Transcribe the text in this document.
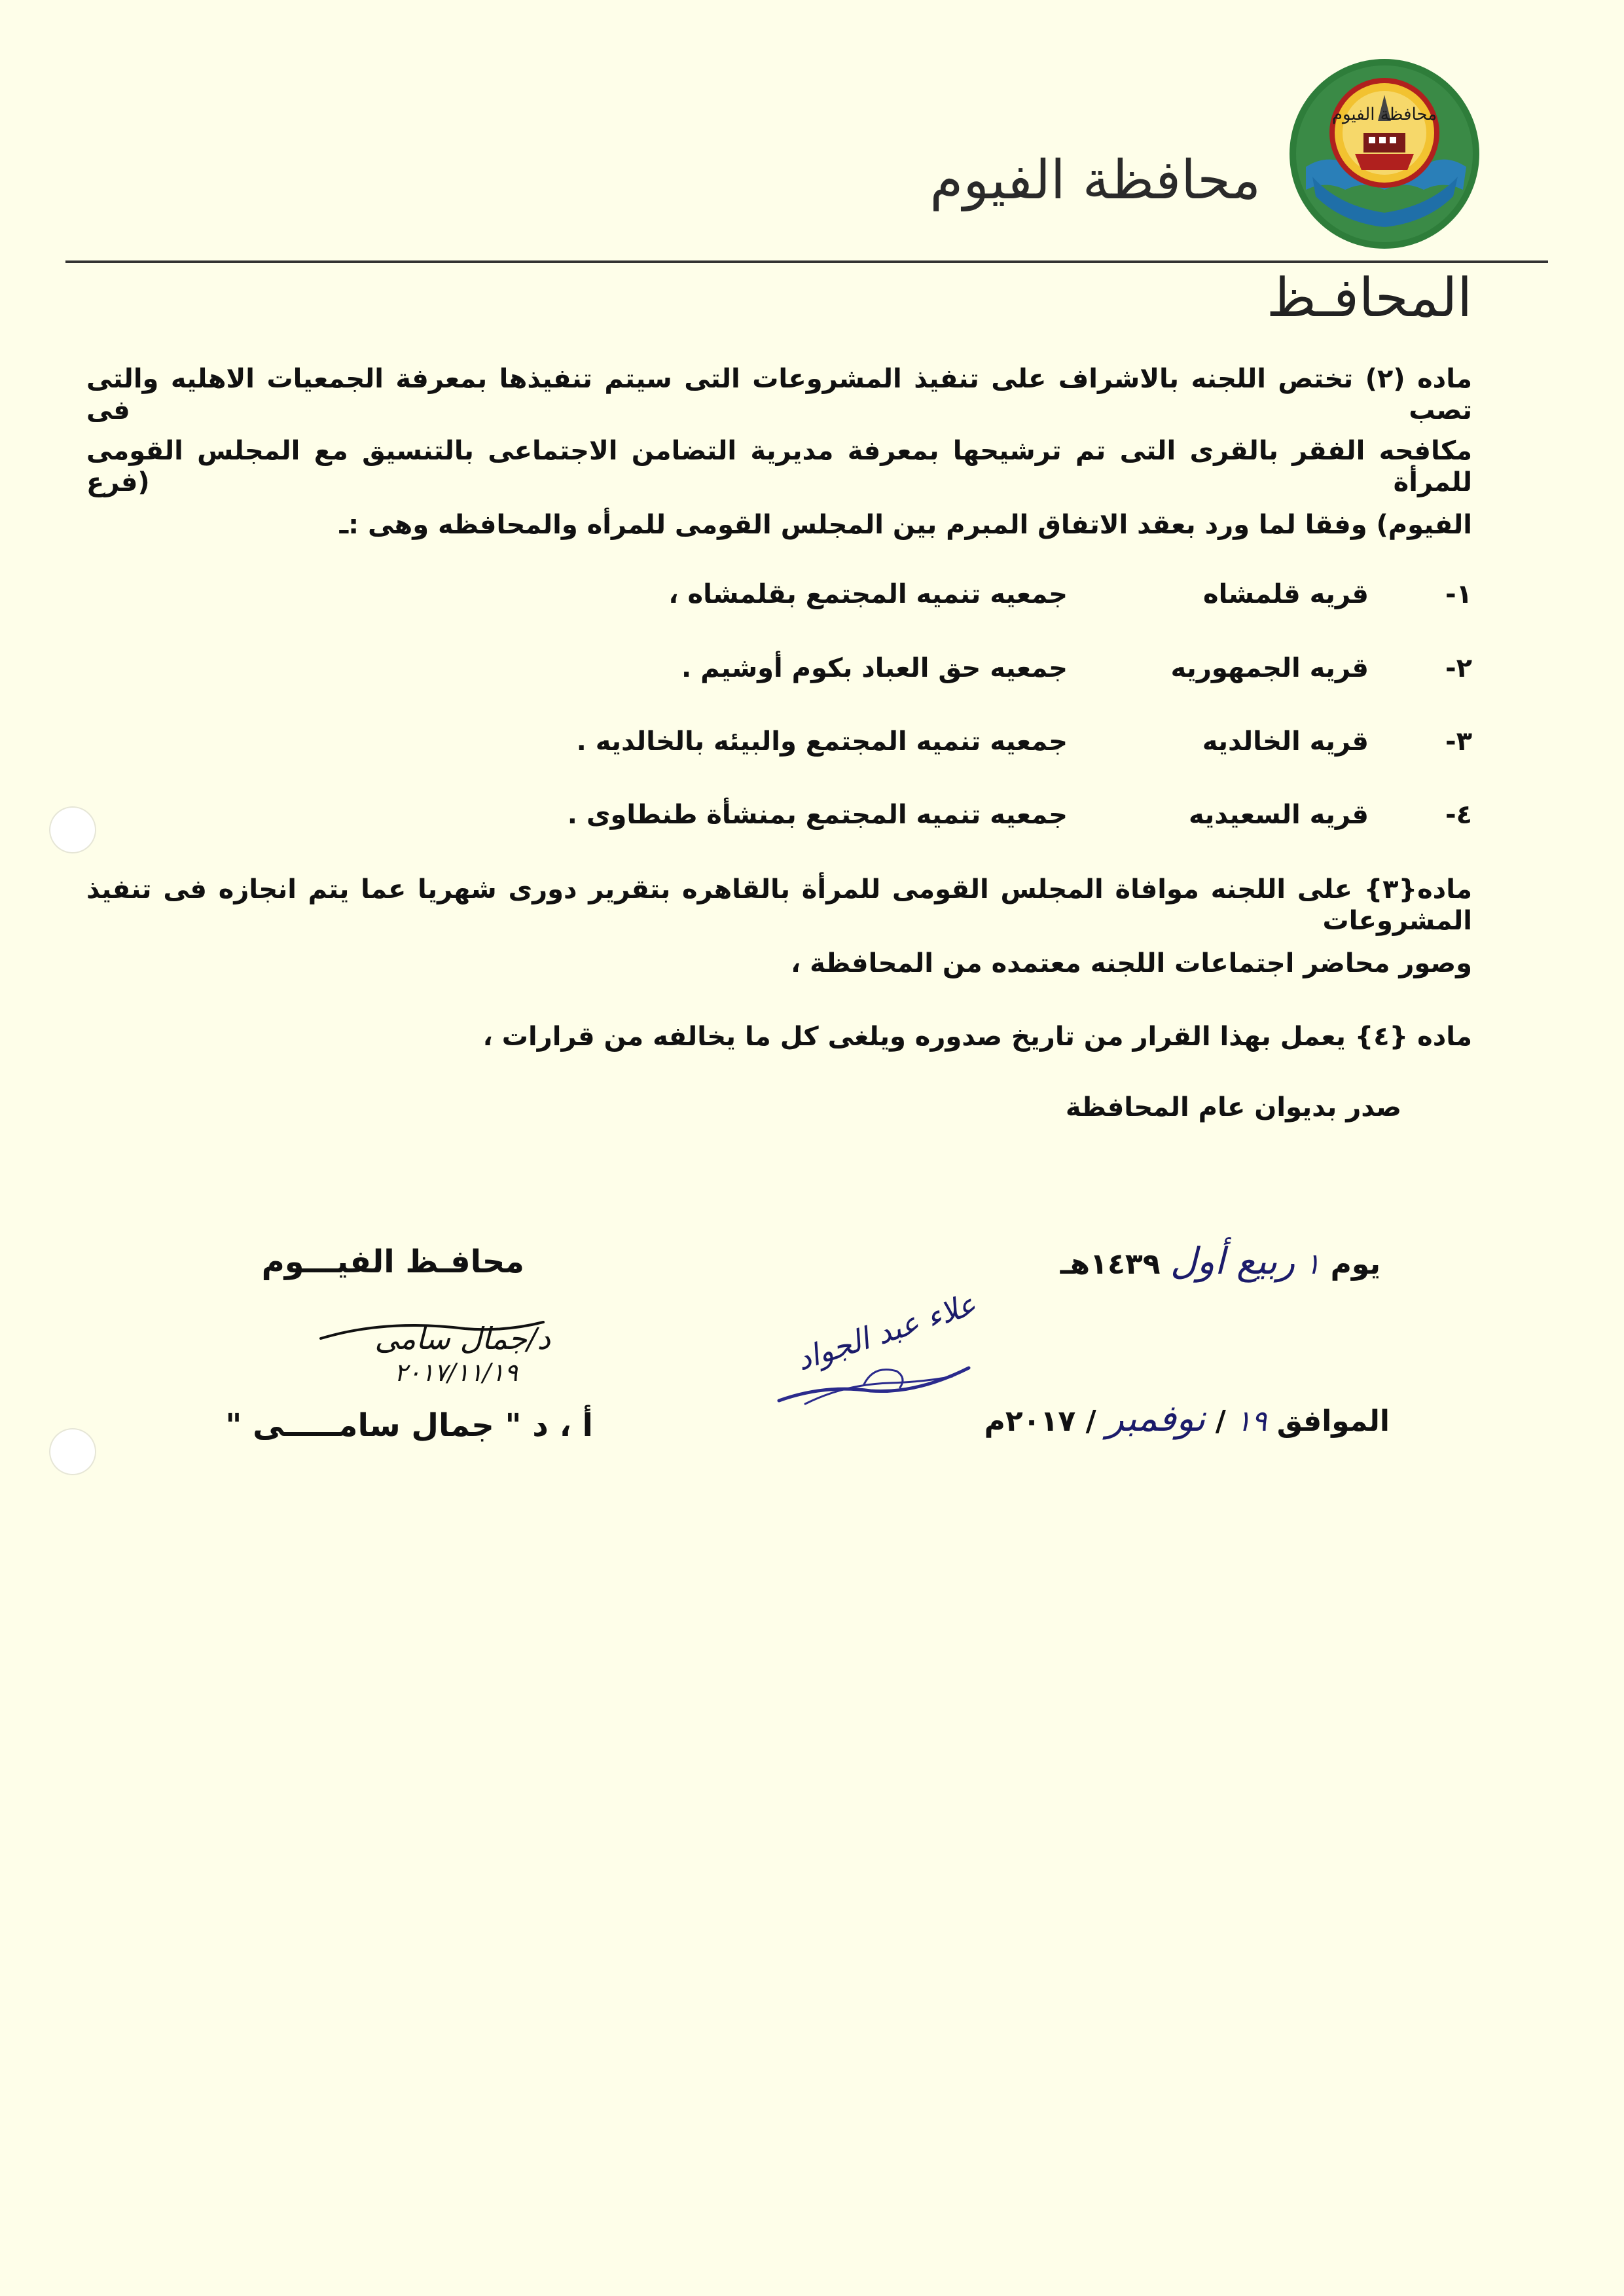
محافظة الفيوم
محافظة الفيوم
المحافـظ
ماده (٢) تختص اللجنه بالاشراف على تنفيذ المشروعات التى سيتم تنفيذها بمعرفة الجمعيات الاهليه والتى تصب فى
مكافحه الفقر بالقرى التى تم ترشيحها بمعرفة مديرية التضامن الاجتماعى بالتنسيق مع المجلس القومى للمرأة (فرع
الفيوم) وفقا لما ورد بعقد الاتفاق المبرم بين المجلس القومى للمرأه والمحافظه وهى :ـ
١-
قريه قلمشاه
جمعيه تنميه المجتمع بقلمشاه ،
٢-
قريه الجمهوريه
جمعيه حق العباد بكوم أوشيم .
٣-
قريه الخالديه
جمعيه تنميه المجتمع والبيئه بالخالديه .
٤-
قريه السعيديه
جمعيه تنميه المجتمع بمنشأة طنطاوى .
ماده{٣} على اللجنه موافاة المجلس القومى للمرأة بالقاهره بتقرير دورى شهريا عما يتم انجازه فى تنفيذ المشروعات
وصور محاضر اجتماعات اللجنه معتمده من المحافظة ،
ماده {٤} يعمل بهذا القرار من تاريخ صدوره ويلغى كل ما يخالفه من قرارات ،
صدر بديوان عام المحافظة
يوم ١ ربيع أول ١٤٣٩هـ
الموافق ١٩ / نوفمبر / ٢٠١٧م
علاء عبد الجواد
محافـظ الفيـــوم
د/جمال سامى
٢٠١٧/١١/١٩
أ ، د " جمال سامـــــى "
